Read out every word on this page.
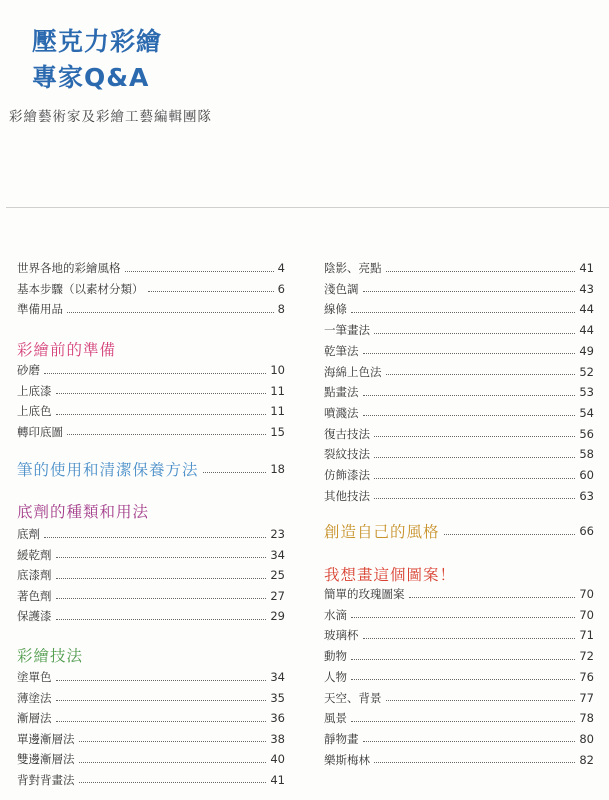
壓克力彩繪
專家Q&A
彩繪藝術家及彩繪工藝編輯團隊
彩繪前的準備
筆的使用和清潔保養方法	18
底劑的種類和用法
彩繪技法
世界各地的彩繪風格	4
基本步驟（以素材分類）	6
準備用品	8
砂磨	10
上底漆	11
上底色	11
轉印底圖	15
底劑	23
緩乾劑	34
底漆劑	25
著色劑	27
保護漆	29
塗單色	34
薄塗法	35
漸層法	36
單邊漸層法	38
雙邊漸層法	40
背對背畫法	41
創造自己的風格	66
我想畫這個圖案！
陰影、亮點	41
淺色調	43
線條	44
一筆畫法	44
乾筆法	49
海綿上色法	52
點畫法	53
噴濺法	54
復古技法	56
裂紋技法	58
仿飾漆法	60
其他技法	63
簡單的玫瑰圖案	70
水滴	70
玻璃杯	71
動物	72
人物	76
天空、背景	77
風景	78
靜物畫	80
樂斯梅林	82
